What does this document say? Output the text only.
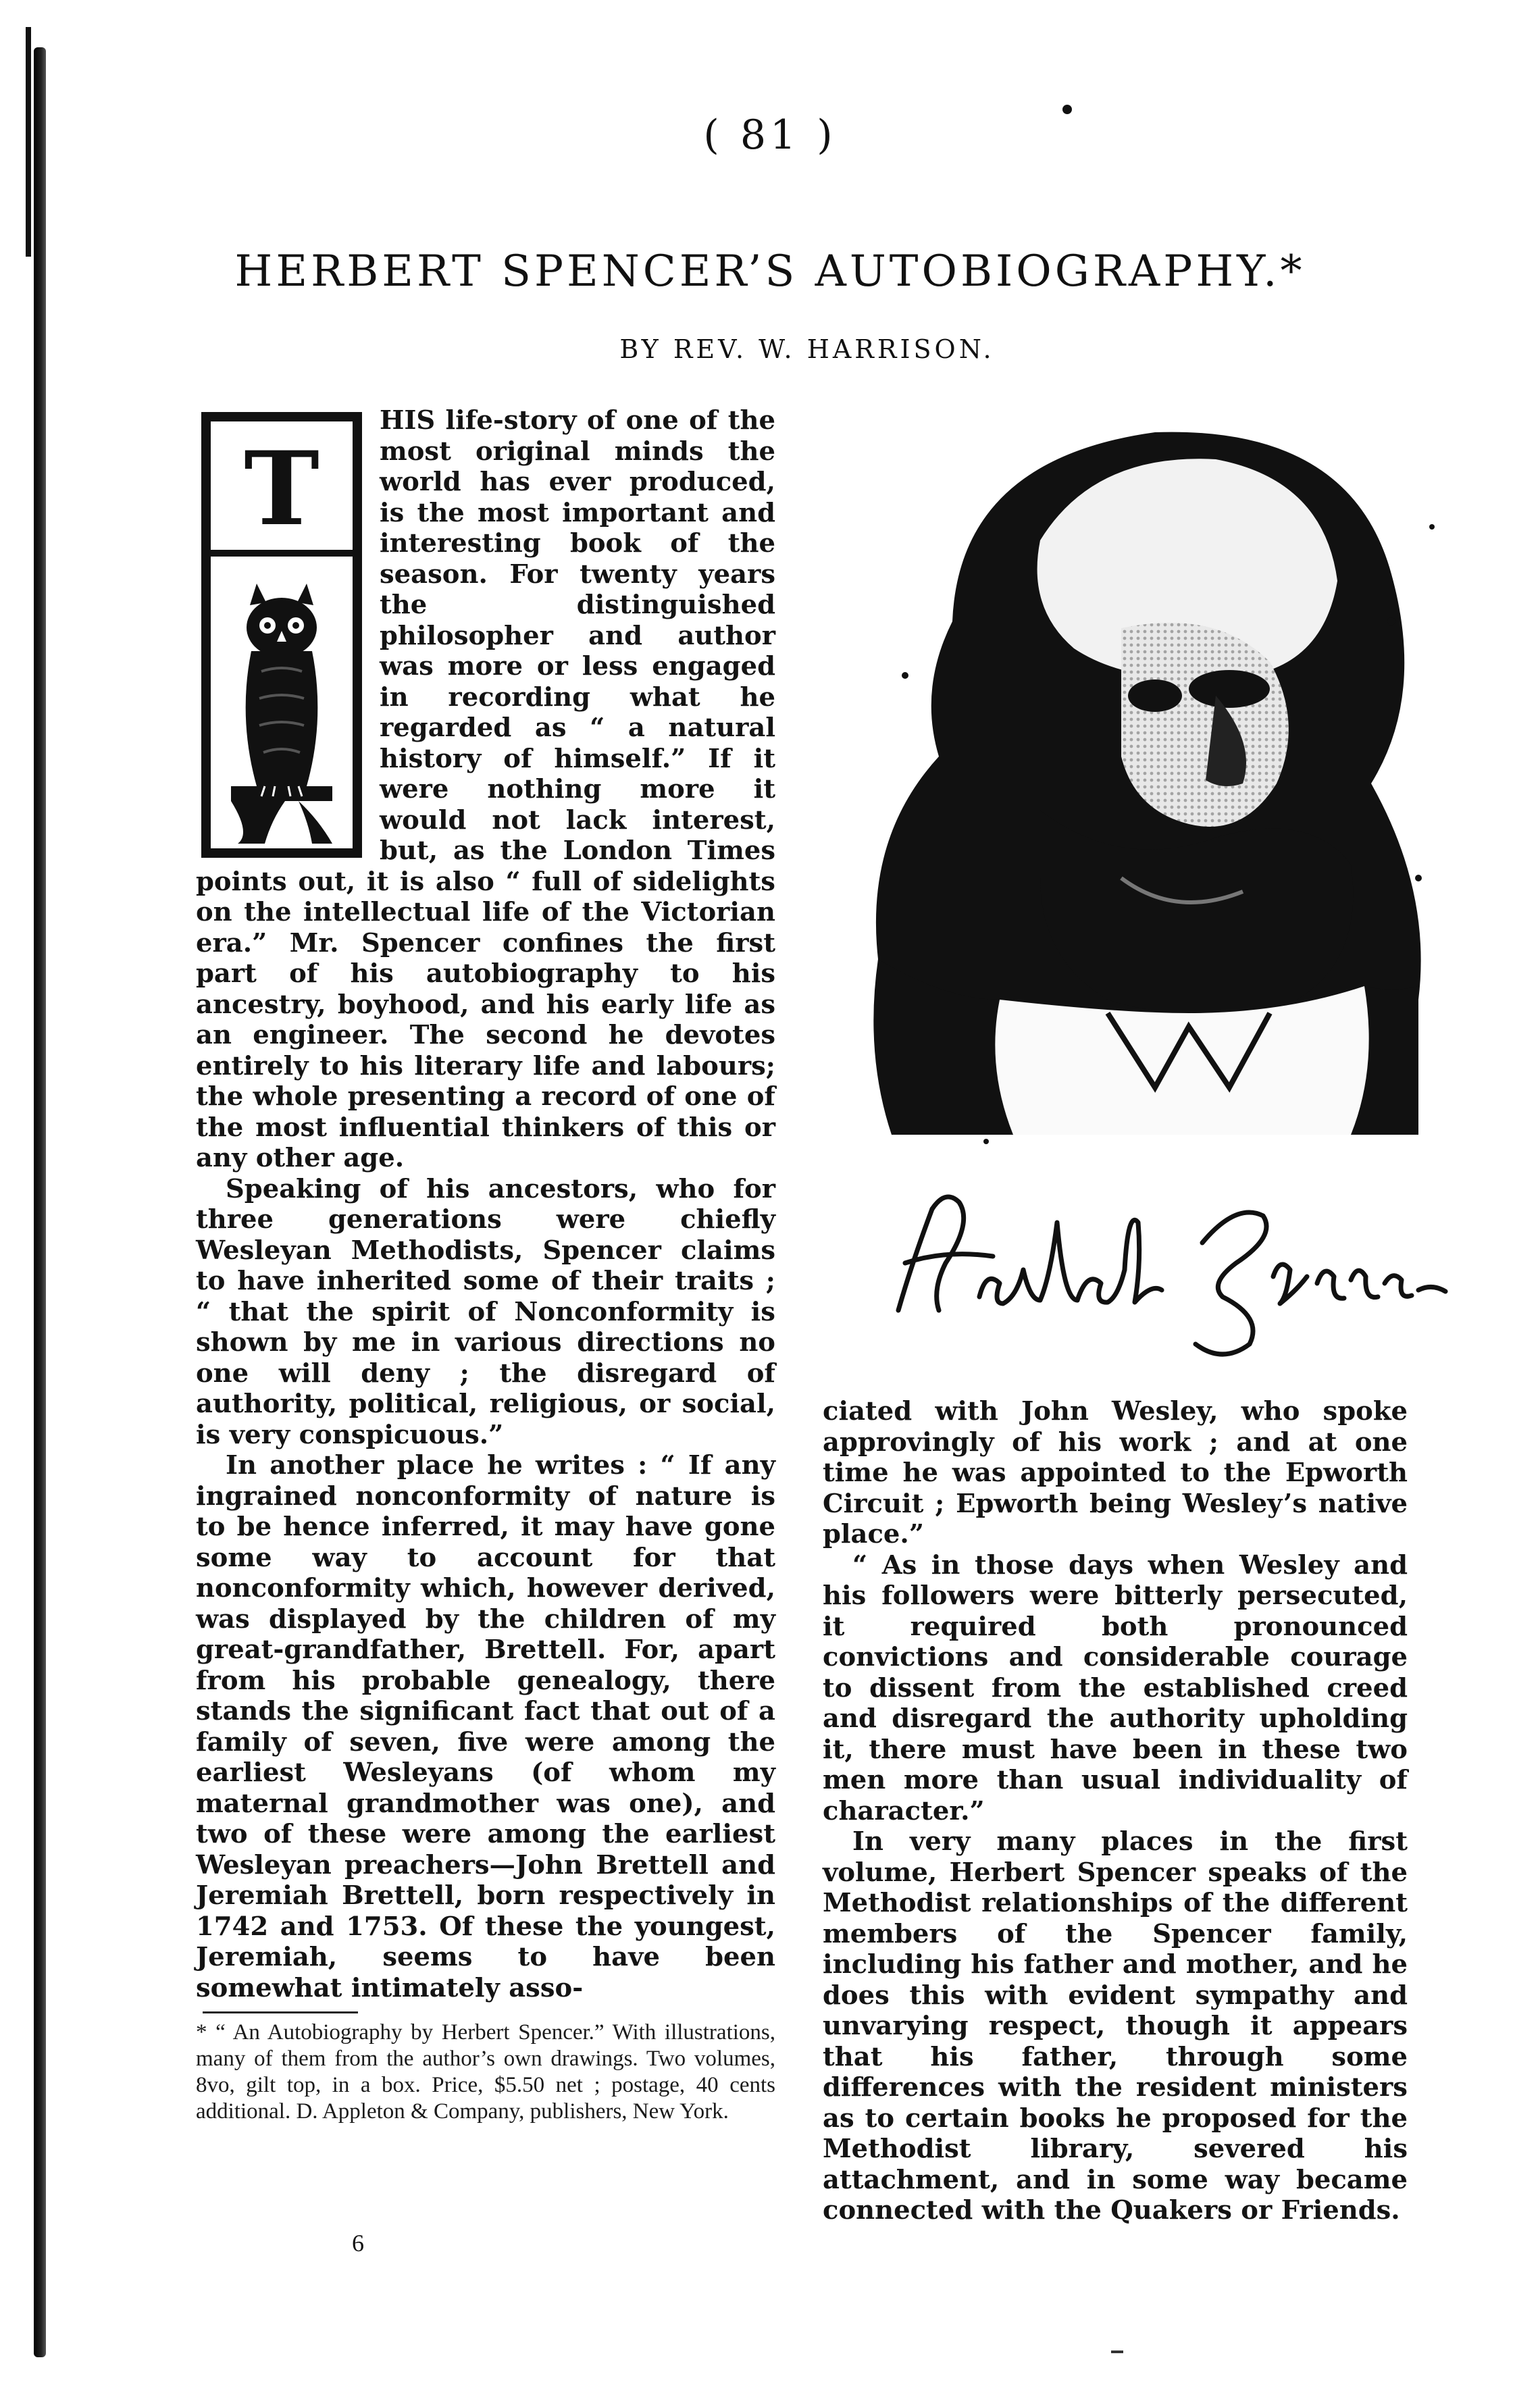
( 81 )
HERBERT SPENCER’S AUTOBIOGRAPHY.*
BY REV. W. HARRISON.
T

HIS life-story of one of the most original minds the world has ever produced, is the most important and interesting book of the season. For twenty years the distinguished philosopher and author was more or less engaged in recording what he regarded as “ a natural history of himself.” If it were nothing more it would not lack interest, but, as the London Times points out, it is also “ full of sidelights on the intellectual life of the Victorian era.” Mr. Spencer confines the first part of his autobiography to his ancestry, boyhood, and his early life as an engineer. The second he devotes entirely to his literary life and labours; the whole presenting a record of one of the most influential thinkers of this or any other age.

Speaking of his ancestors, who for three generations were chiefly Wesleyan Methodists, Spencer claims to have inherited some of their traits ; “ that the spirit of Nonconformity is shown by me in various directions no one will deny ; the disregard of authority, political, religious, or social, is very conspicuous.”

In another place he writes : “ If any ingrained nonconformity of nature is to be hence inferred, it may have gone some way to account for that nonconformity which, however derived, was displayed by the children of my great-grandfather, Brettell. For, apart from his probable genealogy, there stands the significant fact that out of a family of seven, five were among the earliest Wesleyans (of whom my maternal grandmother was one), and two of these were among the earliest Wesleyan preachers—John Brettell and Jeremiah Brettell, born respectively in 1742 and 1753. Of these the youngest, Jeremiah, seems to have been somewhat intimately asso-

* “ An Autobiography by Herbert Spencer.” With illustrations, many of them from the author’s own drawings. Two volumes, 8vo, gilt top, in a box. Price, $5.50 net ; postage, 40 cents additional. D. Appleton & Company, publishers, New York.
6

ciated with John Wesley, who spoke approvingly of his work ; and at one time he was appointed to the Epworth Circuit ; Epworth being Wesley’s native place.”

“ As in those days when Wesley and his followers were bitterly persecuted, it required both pronounced convictions and considerable courage to dissent from the established creed and disregard the authority upholding it, there must have been in these two men more than usual individuality of character.”

In very many places in the first volume, Herbert Spencer speaks of the Methodist relationships of the different members of the Spencer family, including his father and mother, and he does this with evident sympathy and unvarying respect, though it appears that his father, through some differences with the resident ministers as to certain books he proposed for the Methodist library, severed his attachment, and in some way became connected with the Quakers or Friends.
